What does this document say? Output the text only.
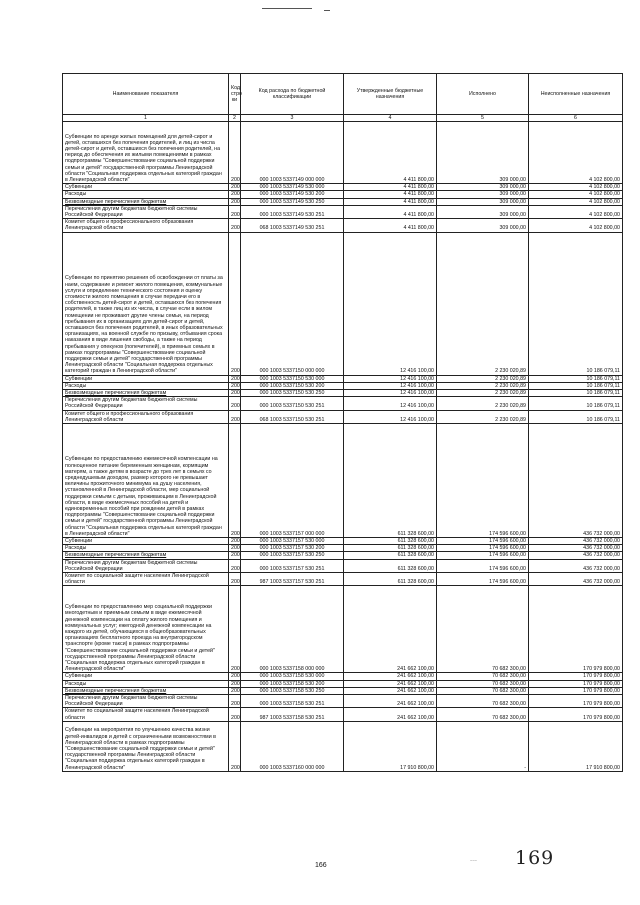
Наименование показателя	Код стро ки	Код расхода по бюджетной классификации	Утвержденные бюджетные назначения	Исполнено	Неисполненные назначения
1	2	3	4	5	6
Субвенции по аренде жилых помещений для детей-сирот и детей, оставшихся без попечения родителей, и лиц из числа детей-сирот и детей, оставшихся без попечения родителей, на период до обеспечения их жилыми помещениями в рамках подпрограммы "Совершенствование социальной поддержки семьи и детей" государственной программы Ленинградской области "Социальная поддержка отдельных категорий граждан в Ленинградской области"	200	000 1003 5337149 000 000	4 411 800,00	309 000,00	4 102 800,00
Субвенции	200	000 1003 5337149 530 000	4 411 800,00	309 000,00	4 102 800,00
Расходы	200	000 1003 5337149 530 200	4 411 800,00	309 000,00	4 102 800,00
Безвозмездные перечисления бюджетам	200	000 1003 5337149 530 250	4 411 800,00	309 000,00	4 102 800,00
Перечисления другим бюджетам бюджетной системы Российской Федерации	200	000 1003 5337149 530 251	4 411 800,00	309 000,00	4 102 800,00
Комитет общего и профессионального образования Ленинградской области	200	068 1003 5337149 530 251	4 411 800,00	309 000,00	4 102 800,00
Субвенции по принятию решения об освобождении от платы за наем, содержание и ремонт жилого помещения, коммунальные услуги и определение технического состояния и оценку стоимости жилого помещения в случае передачи его в собственность детей-сирот и детей, оставшихся без попечения родителей, в также лиц из их числа, в случае если в жилом помещении не проживают другие члены семьи, на период пребывания их в организациях для детей-сирот и детей, оставшихся без попечения родителей, в иных образовательных организациях, на военной службе по призыву, отбывания срока наказания в виде лишения свободы, а также на период пребывания у опекунов (попечителей), в приемных семьях в рамках подпрограммы "Совершенствование социальной поддержки семьи и детей" государственной программы Ленинградской области "Социальная поддержка отдельных категорий граждан в Ленинградской области"	200	000 1003 5337150 000 000	12 416 100,00	2 230 020,89	10 186 079,11
Субвенции	200	000 1003 5337150 530 000	12 416 100,00	2 230 020,89	10 186 079,11
Расходы	200	000 1003 5337150 530 200	12 416 100,00	2 230 020,89	10 186 079,11
Безвозмездные перечисления бюджетам	200	000 1003 5337150 530 250	12 416 100,00	2 230 020,89	10 186 079,11
Перечисления другим бюджетам бюджетной системы Российской Федерации	200	000 1003 5337150 530 251	12 416 100,00	2 230 020,89	10 186 079,11
Комитет общего и профессионального образования Ленинградской области	200	068 1003 5337150 530 251	12 416 100,00	2 230 020,89	10 186 079,11
Субвенции по предоставлению ежемесячной компенсации на полноценное питание беременным женщинам, кормящим матерям, а также детям в возрасте до трех лет в семьях со среднедушевым доходом, размер которого не превышает величины прожиточного минимума на душу населения, установленной в Ленинградской области, мер социальной поддержки семьям с детьми, проживающим в Ленинградской области, в виде ежемесячных пособий на детей и единовременных пособий при рождении детей в рамках подпрограммы "Совершенствование социальной поддержки семьи и детей" государственной программы Ленинградской области "Социальная поддержка отдельных категорий граждан в Ленинградской области"	200	000 1003 5337157 000 000	611 328 600,00	174 596 600,00	436 732 000,00
Субвенции	200	000 1003 5337157 530 000	611 328 600,00	174 596 600,00	436 732 000,00
Расходы	200	000 1003 5337157 530 200	611 328 600,00	174 596 600,00	436 732 000,00
Безвозмездные перечисления бюджетам	200	000 1003 5337157 530 250	611 328 600,00	174 596 600,00	436 732 000,00
Перечисления другим бюджетам бюджетной системы Российской Федерации	200	000 1003 5337157 530 251	611 328 600,00	174 596 600,00	436 732 000,00
Комитет по социальной защите населения Ленинградской области	200	987 1003 5337157 530 251	611 328 600,00	174 596 600,00	436 732 000,00
Субвенции по предоставлению мер социальной поддержки многодетным и приемным семьям в виде ежемесячной денежной компенсации на оплату жилого помещения и коммунальных услуг; ежегодной денежной компенсации на каждого из детей, обучающихся в общеобразовательных организациях бесплатного проезда на внутригородском транспорте (кроме такси) в рамках подпрограммы "Совершенствование социальной поддержки семьи и детей" государственной программы Ленинградской области "Социальная поддержка отдельных категорий граждан в Ленинградской области"	200	000 1003 5337158 000 000	241 662 100,00	70 682 300,00	170 979 800,00
Субвенции	200	000 1003 5337158 530 000	241 662 100,00	70 682 300,00	170 979 800,00
Расходы	200	000 1003 5337158 530 200	241 662 100,00	70 682 300,00	170 979 800,00
Безвозмездные перечисления бюджетам	200	000 1003 5337158 530 250	241 662 100,00	70 682 300,00	170 979 800,00
Перечисления другим бюджетам бюджетной системы Российской Федерации	200	000 1003 5337158 530 251	241 662 100,00	70 682 300,00	170 979 800,00
Комитет по социальной защите населения Ленинградской области	200	987 1003 5337158 530 251	241 662 100,00	70 682 300,00	170 979 800,00
Субвенции на мероприятия по улучшению качества жизни детей-инвалидов и детей с ограниченными возможностями в Ленинградской области в рамках подпрограммы "Совершенствование социальной поддержки семьи и детей" государственной программы Ленинградской области "Социальная поддержка отдельных категорий граждан в Ленинградской области"	200	000 1003 5337160 000 000	17 910 800,00	-	17 910 800,00
166
~~~ 169
